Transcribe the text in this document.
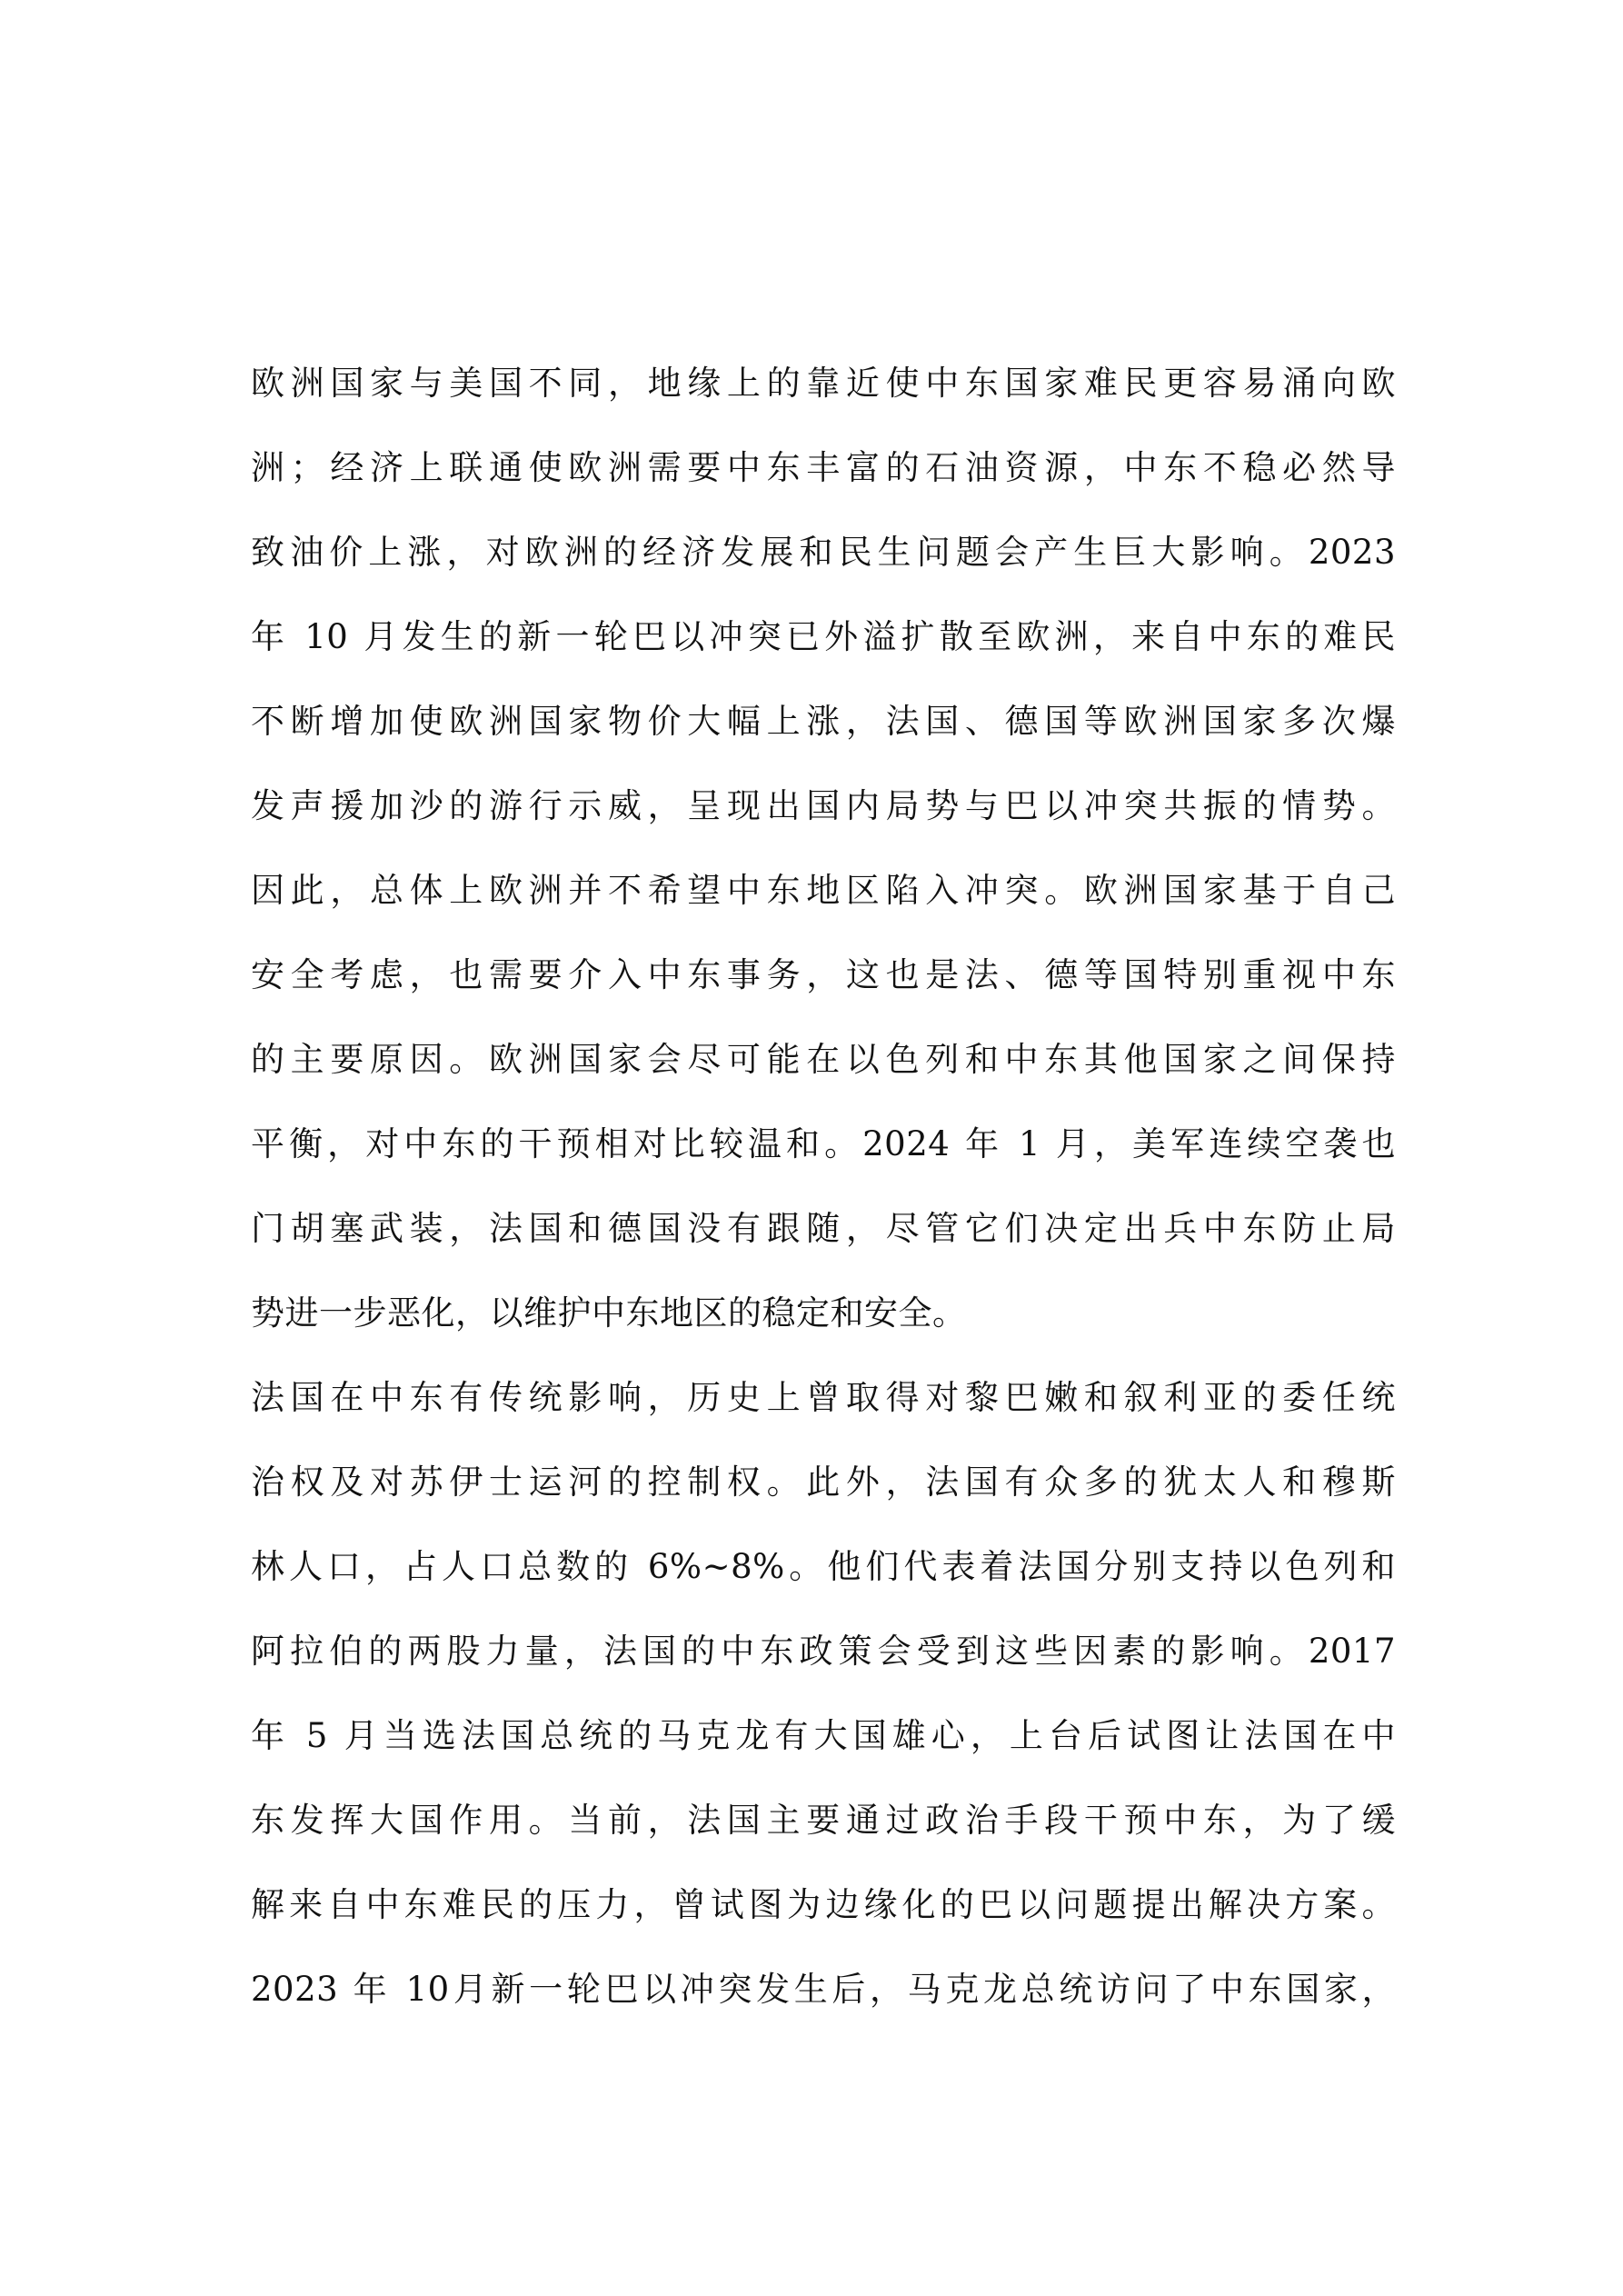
欧洲国家与美国不同，地缘上的靠近使中东国家难民更容易涌向欧
洲；经济上联通使欧洲需要中东丰富的石油资源，中东不稳必然导
致油价上涨，对欧洲的经济发展和民生问题会产生巨大影响。2023
年 10 月发生的新一轮巴以冲突已外溢扩散至欧洲，来自中东的难民
不断增加使欧洲国家物价大幅上涨，法国、德国等欧洲国家多次爆
发声援加沙的游行示威，呈现出国内局势与巴以冲突共振的情势。
因此，总体上欧洲并不希望中东地区陷入冲突。欧洲国家基于自己
安全考虑，也需要介入中东事务，这也是法、德等国特别重视中东
的主要原因。欧洲国家会尽可能在以色列和中东其他国家之间保持
平衡，对中东的干预相对比较温和。2024 年 1 月，美军连续空袭也
门胡塞武装，法国和德国没有跟随，尽管它们决定出兵中东防止局
势进一步恶化，以维护中东地区的稳定和安全。
法国在中东有传统影响，历史上曾取得对黎巴嫩和叙利亚的委任统
治权及对苏伊士运河的控制权。此外，法国有众多的犹太人和穆斯
林人口，占人口总数的 6%~8%。他们代表着法国分别支持以色列和
阿拉伯的两股力量，法国的中东政策会受到这些因素的影响。2017
年 5 月当选法国总统的马克龙有大国雄心，上台后试图让法国在中
东发挥大国作用。当前，法国主要通过政治手段干预中东，为了缓
解来自中东难民的压力，曾试图为边缘化的巴以问题提出解决方案。
2023 年 10月新一轮巴以冲突发生后，马克龙总统访问了中东国家，
